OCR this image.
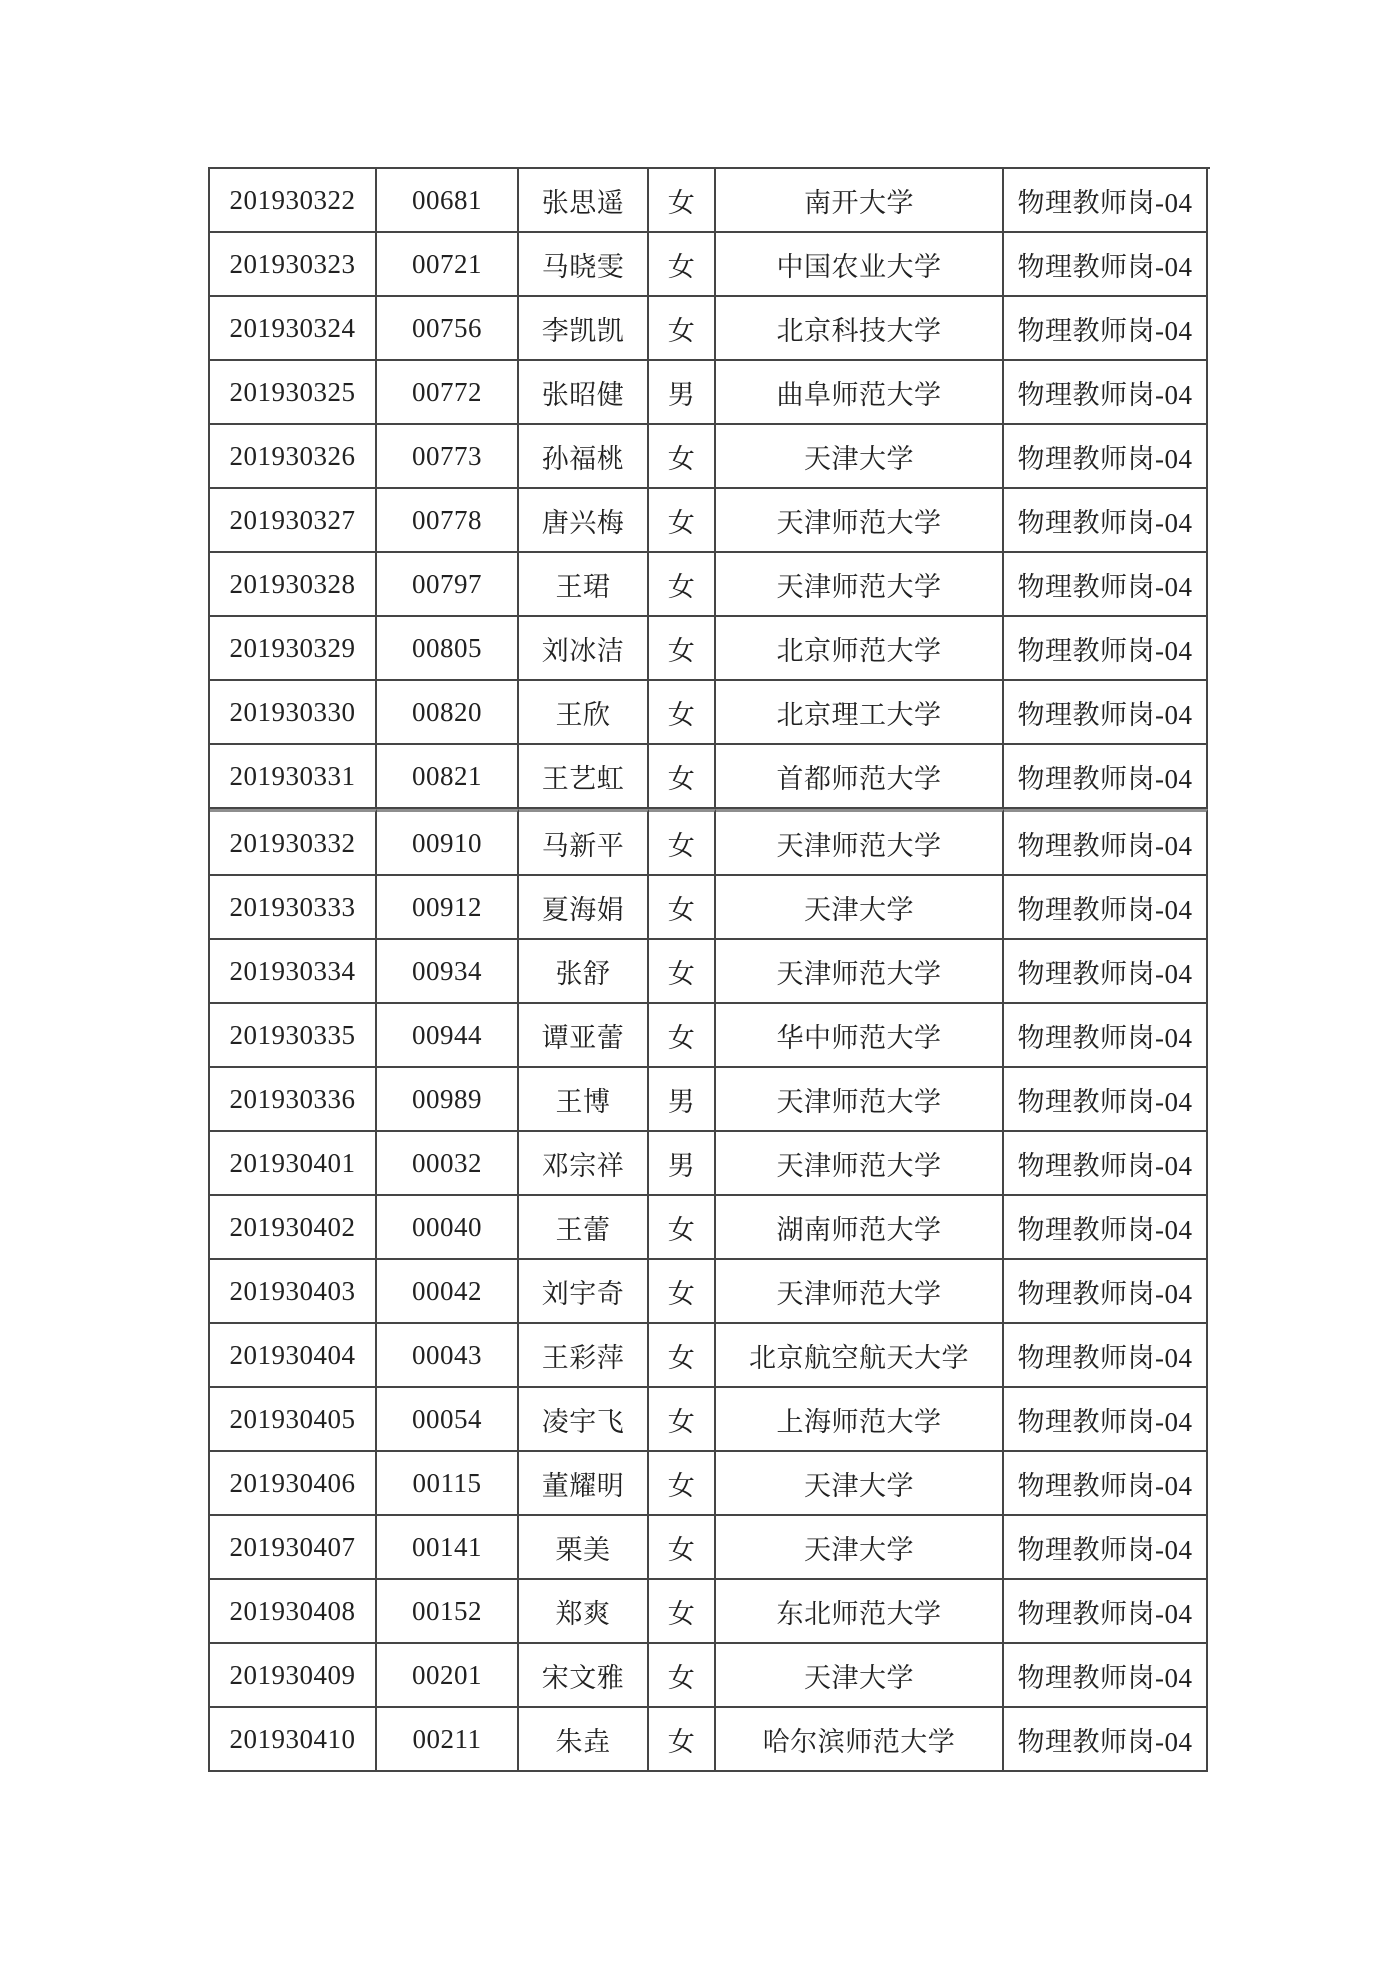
201930322	00681	张思遥	女	南开大学	物理教师岗-04
201930323	00721	马晓雯	女	中国农业大学	物理教师岗-04
201930324	00756	李凯凯	女	北京科技大学	物理教师岗-04
201930325	00772	张昭健	男	曲阜师范大学	物理教师岗-04
201930326	00773	孙福桃	女	天津大学	物理教师岗-04
201930327	00778	唐兴梅	女	天津师范大学	物理教师岗-04
201930328	00797	王珺	女	天津师范大学	物理教师岗-04
201930329	00805	刘冰洁	女	北京师范大学	物理教师岗-04
201930330	00820	王欣	女	北京理工大学	物理教师岗-04
201930331	00821	王艺虹	女	首都师范大学	物理教师岗-04
201930332	00910	马新平	女	天津师范大学	物理教师岗-04
201930333	00912	夏海娟	女	天津大学	物理教师岗-04
201930334	00934	张舒	女	天津师范大学	物理教师岗-04
201930335	00944	谭亚蕾	女	华中师范大学	物理教师岗-04
201930336	00989	王博	男	天津师范大学	物理教师岗-04
201930401	00032	邓宗祥	男	天津师范大学	物理教师岗-04
201930402	00040	王蕾	女	湖南师范大学	物理教师岗-04
201930403	00042	刘宇奇	女	天津师范大学	物理教师岗-04
201930404	00043	王彩萍	女	北京航空航天大学	物理教师岗-04
201930405	00054	凌宇飞	女	上海师范大学	物理教师岗-04
201930406	00115	董耀明	女	天津大学	物理教师岗-04
201930407	00141	栗美	女	天津大学	物理教师岗-04
201930408	00152	郑爽	女	东北师范大学	物理教师岗-04
201930409	00201	宋文雅	女	天津大学	物理教师岗-04
201930410	00211	朱垚	女	哈尔滨师范大学	物理教师岗-04
